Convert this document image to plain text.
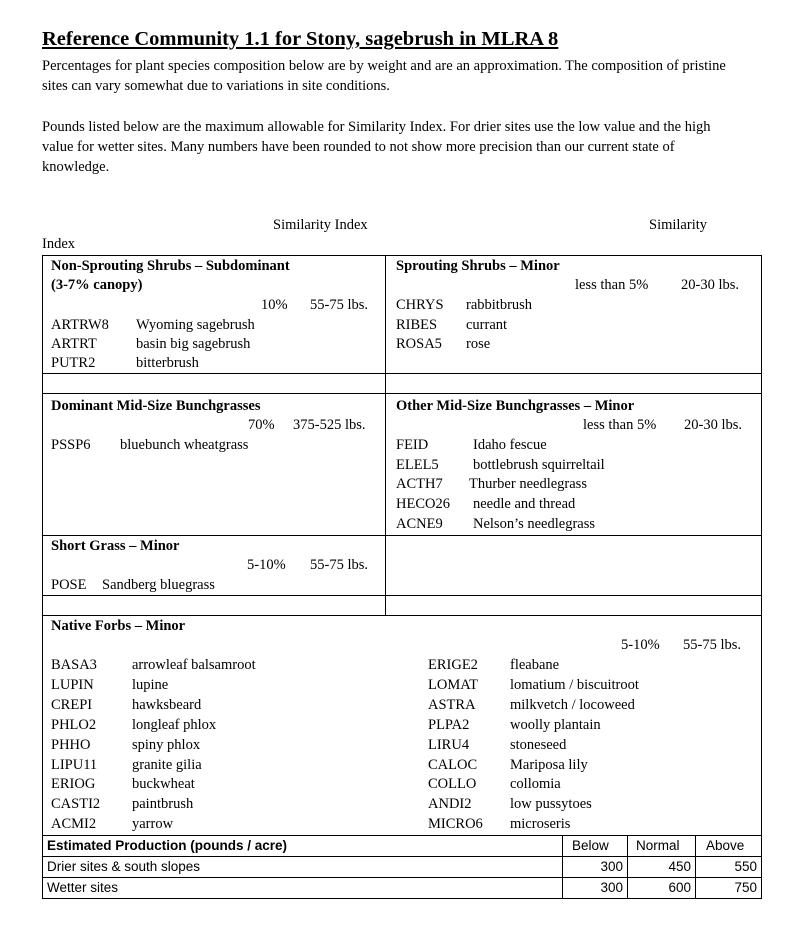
Reference Community 1.1 for Stony, sagebrush in MLRA 8
Percentages for plant species composition below are by weight and are an approximation. The composition of pristine sites can vary somewhat due to variations in site conditions.
Pounds listed below are the maximum allowable for Similarity Index. For drier sites use the low value and the high value for wetter sites. Many numbers have been rounded to not show more precision than our current state of knowledge.
Similarity Index	Similarity
Index
Non-Sprouting Shrubs – Subdominant
(3-7% canopy)
10% 55-75 lbs.
ARTRW8 Wyoming sagebrush
ARTRT	basin big sagebrush
PUTR2	bitterbrush
Sprouting Shrubs – Minor
less than 5% 20-30 lbs.
CHRYS rabbitbrush
RIBES currant
ROSA5 rose
Dominant Mid-Size Bunchgrasses
70% 375-525 lbs.
PSSP6 bluebunch wheatgrass
Other Mid-Size Bunchgrasses – Minor
less than 5% 20-30 lbs.
FEID	Idaho fescue
ELEL5 bottlebrush squirreltail
ACTH7 Thurber needlegrass
HECO26 needle and thread
ACNE9 Nelson’s needlegrass
Short Grass – Minor
5-10% 55-75 lbs.
POSE Sandberg bluegrass
Native Forbs – Minor
5-10% 55-75 lbs.
BASA3 arrowleaf balsamroot
LUPIN	lupine
CREPI	hawksbeard
PHLO2 longleaf phlox
PHHO	spiny phlox
LIPU11 granite gilia
ERIOG	buckwheat
CASTI2 paintbrush
ACMI2 yarrow
ERIGE2 fleabane
LOMAT lomatium / biscuitroot
ASTRA milkvetch / locoweed
PLPA2	woolly plantain
LIRU4	stoneseed
CALOC Mariposa lily
COLLO collomia
ANDI2	low pussytoes
MICRO6 microseris
Estimated Production (pounds / acre)	Below Normal Above
Drier sites & south slopes	300	450	550
Wetter sites	300	600	750
